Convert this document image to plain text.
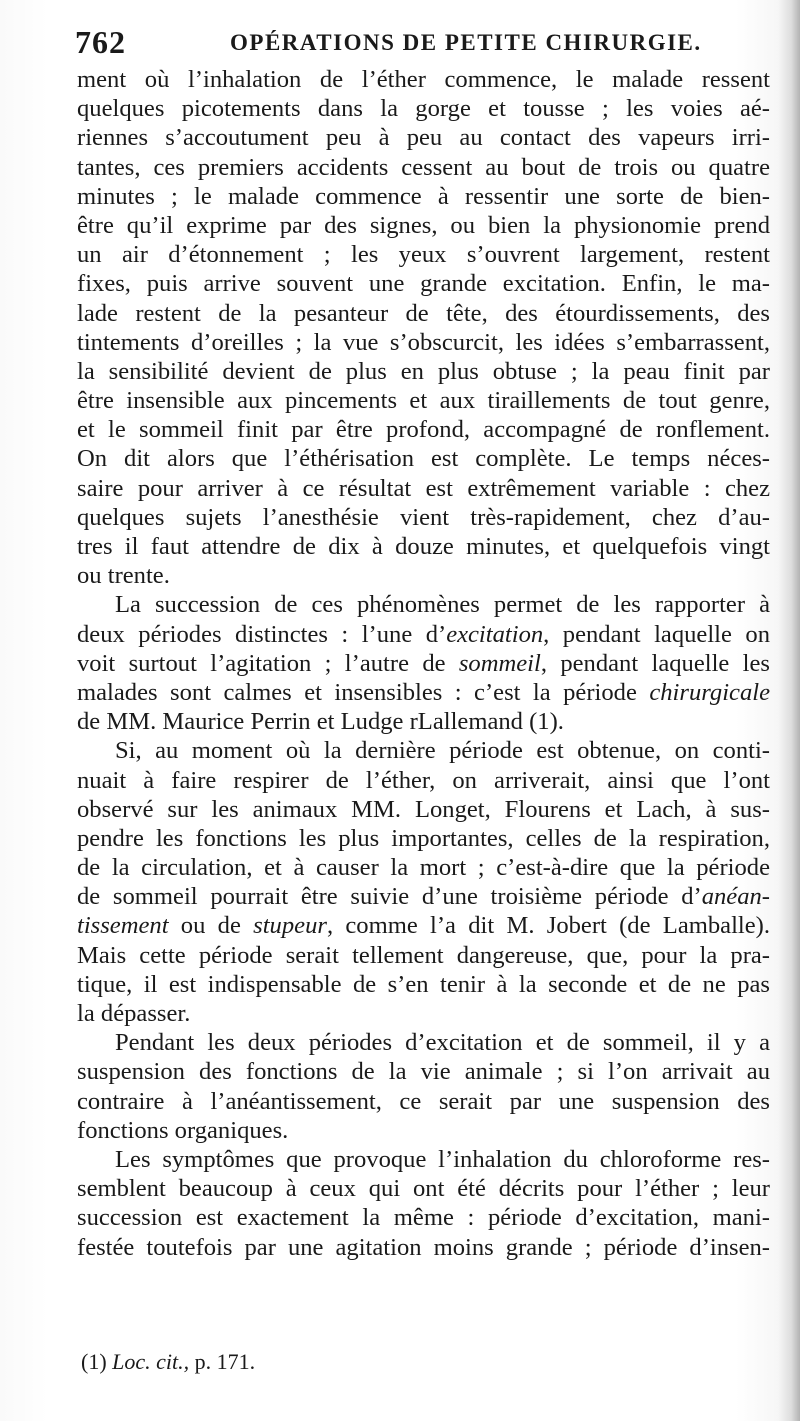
762	OPÉRATIONS DE PETITE CHIRURGIE.
ment où l’inhalation de l’éther commence, le malade ressent
quelques picotements dans la gorge et tousse ; les voies aé-
riennes s’accoutument peu à peu au contact des vapeurs irri-
tantes, ces premiers accidents cessent au bout de trois ou quatre
minutes ; le malade commence à ressentir une sorte de bien-
être qu’il exprime par des signes, ou bien la physionomie prend
un air d’étonnement ; les yeux s’ouvrent largement, restent
fixes, puis arrive souvent une grande excitation. Enfin, le ma-
lade restent de la pesanteur de tête, des étourdissements, des
tintements d’oreilles ; la vue s’obscurcit, les idées s’embarrassent,
la sensibilité devient de plus en plus obtuse ; la peau finit par
être insensible aux pincements et aux tiraillements de tout genre,
et le sommeil finit par être profond, accompagné de ronflement.
On dit alors que l’éthérisation est complète. Le temps néces-
saire pour arriver à ce résultat est extrêmement variable : chez
quelques sujets l’anesthésie vient très-rapidement, chez d’au-
tres il faut attendre de dix à douze minutes, et quelquefois vingt
ou trente.
La succession de ces phénomènes permet de les rapporter à
deux périodes distinctes : l’une d’excitation, pendant laquelle on
voit surtout l’agitation ; l’autre de sommeil, pendant laquelle les
malades sont calmes et insensibles : c’est la période chirurgicale
de MM. Maurice Perrin et Ludge rLallemand (1).
Si, au moment où la dernière période est obtenue, on conti-
nuait à faire respirer de l’éther, on arriverait, ainsi que l’ont
observé sur les animaux MM. Longet, Flourens et Lach, à sus-
pendre les fonctions les plus importantes, celles de la respiration,
de la circulation, et à causer la mort ; c’est-à-dire que la période
de sommeil pourrait être suivie d’une troisième période d’anéan-
tissement ou de stupeur, comme l’a dit M. Jobert (de Lamballe).
Mais cette période serait tellement dangereuse, que, pour la pra-
tique, il est indispensable de s’en tenir à la seconde et de ne pas
la dépasser.
Pendant les deux périodes d’excitation et de sommeil, il y a
suspension des fonctions de la vie animale ; si l’on arrivait au
contraire à l’anéantissement, ce serait par une suspension des
fonctions organiques.
Les symptômes que provoque l’inhalation du chloroforme res-
semblent beaucoup à ceux qui ont été décrits pour l’éther ; leur
succession est exactement la même : période d’excitation, mani-
festée toutefois par une agitation moins grande ; période d’insen-
(1) Loc. cit., p. 171.
